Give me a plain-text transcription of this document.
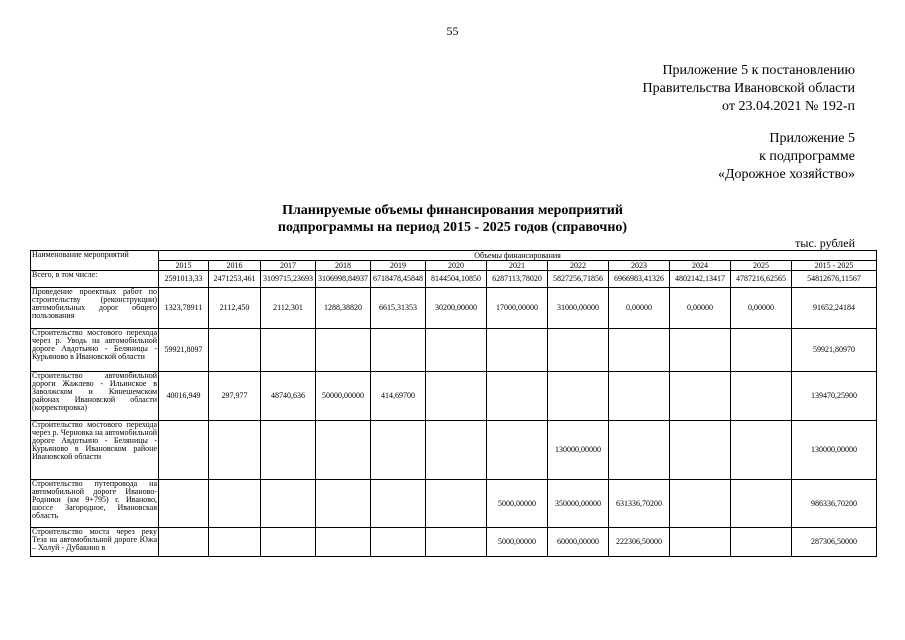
55
Приложение 5 к постановлению
Правительства Ивановской области
от 23.04.2021 № 192-п
Приложение 5
к подпрограмме
«Дорожное хозяйство»
Планируемые объемы финансирования мероприятий
подпрограммы на период 2015 - 2025 годов (справочно)
тыс. рублей
Наименование мероприятий	Объемы финансирования											
	2015	2016	2017	2018	2019	2020	2021	2022	2023	2024	2025	2015 - 2025
Всего, в том числе:	2591013,33	2471253,461	3109715,23693	3106998,84937	6718478,45848	8144504,10850	6287113,78020	5827256,71856	6966983,41326	4802142,13417	4787216,62565	54812676,11567
Проведение проектных работ по строительству (реконструкции) автомобильных дорог общего пользования	1323,78911	2112,450	2112,301	1288,38820	6615,31353	30200,00000	17000,00000	31000,00000	0,00000	0,00000	0,00000	91652,24184
Строительство мостового перехода через р. Уводь на автомобильной дороге Авдотьино - Беляницы - Курьяново в Ивановской области	59921,8097											59921,80970
Строительство автомобильной дороги Жажлево - Ильинское в Заволжском и Кинешемском районах Ивановской области (корректировка)	40016,949	297,977	48740,636	50000,00000	414,69700							139470,25900
Строительство мостового перехода через р. Черновка на автомобильной дороге Авдотьино - Беляницы - Курьяново в Ивановском районе Ивановской области								130000,00000				130000,00000
Строительство путепровода на автомобильной дороге Иваново-Родники (км 9+795) г. Иваново, шоссе Загородное, Ивановская область							5000,00000	350000,00000	631336,70200			986336,70200
Строительство моста через реку Теза на автомобильной дороге Южа – Холуй - Дубакино в							5000,00000	60000,00000	222306,50000			287306,50000
